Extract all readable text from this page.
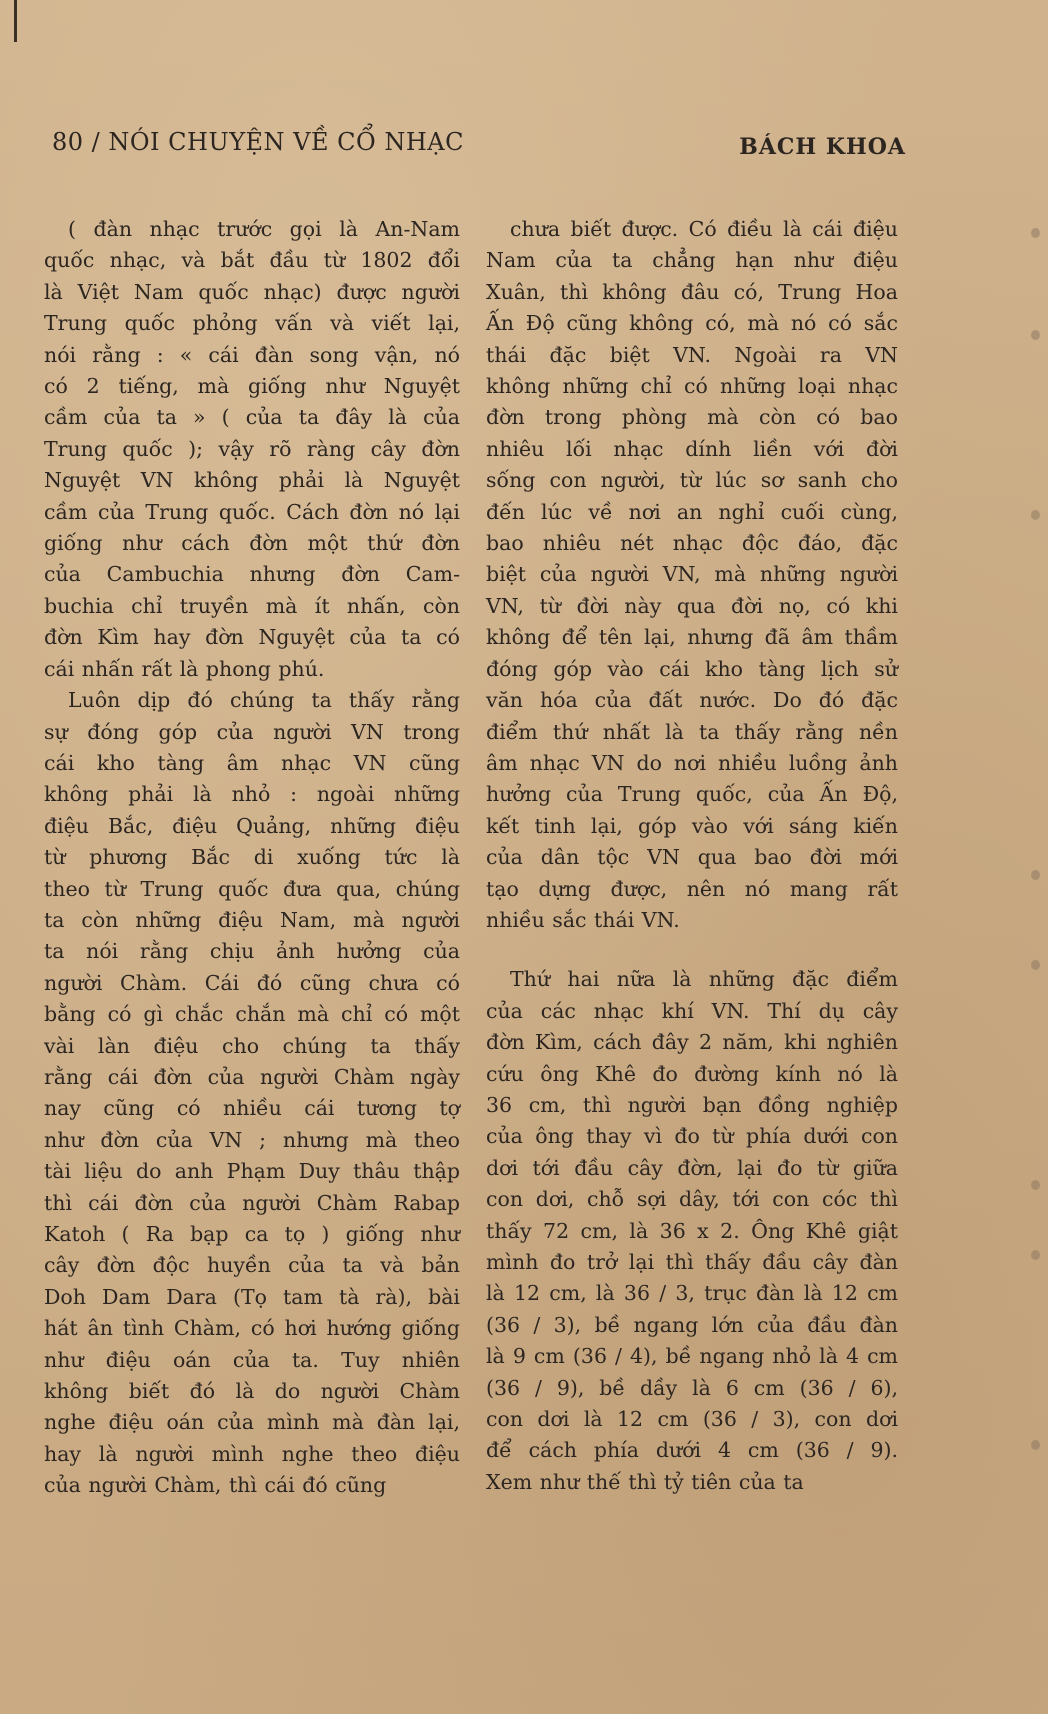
80 / NÓI CHUYỆN VỀ CỔ NHẠC	BÁCH KHOA

( đàn nhạc trước gọi là An-Nam

quốc nhạc, và bắt đầu từ 1802 đổi

là Việt Nam quốc nhạc) được người

Trung quốc phỏng vấn và viết lại,

nói rằng : « cái đàn song vận, nó

có 2 tiếng, mà giống như Nguyệt

cầm của ta » ( của ta đây là của

Trung quốc ); vậy rõ ràng cây đờn

Nguyệt VN không phải là Nguyệt

cầm của Trung quốc. Cách đờn nó lại

giống như cách đờn một thứ đờn

của Cambuchia nhưng đờn Cam-

buchia chỉ truyền mà ít nhấn, còn

đờn Kìm hay đờn Nguyệt của ta có

cái nhấn rất là phong phú.

Luôn dịp đó chúng ta thấy rằng

sự đóng góp của người VN trong

cái kho tàng âm nhạc VN cũng

không phải là nhỏ : ngoài những

điệu Bắc, điệu Quảng, những điệu

từ phương Bắc di xuống tức là

theo từ Trung quốc đưa qua, chúng

ta còn những điệu Nam, mà người

ta nói rằng chịu ảnh hưởng của

người Chàm. Cái đó cũng chưa có

bằng có gì chắc chắn mà chỉ có một

vài làn điệu cho chúng ta thấy

rằng cái đờn của người Chàm ngày

nay cũng có nhiều cái tương tợ

như đờn của VN ; nhưng mà theo

tài liệu do anh Phạm Duy thâu thập

thì cái đờn của người Chàm Rabap

Katoh ( Ra bạp ca tọ ) giống như

cây đờn độc huyền của ta và bản

Doh Dam Dara (Tọ tam tà rà), bài

hát ân tình Chàm, có hơi hướng giống

như điệu oán của ta. Tuy nhiên

không biết đó là do người Chàm

nghe điệu oán của mình mà đàn lại,

hay là người mình nghe theo điệu

của người Chàm, thì cái đó cũng

chưa biết được. Có điều là cái điệu

Nam của ta chẳng hạn như điệu

Xuân, thì không đâu có, Trung Hoa

Ấn Độ cũng không có, mà nó có sắc

thái đặc biệt VN. Ngoài ra VN

không những chỉ có những loại nhạc

đờn trong phòng mà còn có bao

nhiêu lối nhạc dính liền với đời

sống con người, từ lúc sơ sanh cho

đến lúc về nơi an nghỉ cuối cùng,

bao nhiêu nét nhạc độc đáo, đặc

biệt của người VN, mà những người

VN, từ đời này qua đời nọ, có khi

không để tên lại, nhưng đã âm thầm

đóng góp vào cái kho tàng lịch sử

văn hóa của đất nước. Do đó đặc

điểm thứ nhất là ta thấy rằng nền

âm nhạc VN do nơi nhiều luồng ảnh

hưởng của Trung quốc, của Ấn Độ,

kết tinh lại, góp vào với sáng kiến

của dân tộc VN qua bao đời mới

tạo dựng được, nên nó mang rất

nhiều sắc thái VN.

Thứ hai nữa là những đặc điểm

của các nhạc khí VN. Thí dụ cây

đờn Kìm, cách đây 2 năm, khi nghiên

cứu ông Khê đo đường kính nó là

36 cm, thì người bạn đồng nghiệp

của ông thay vì đo từ phía dưới con

dơi tới đầu cây đờn, lại đo từ giữa

con dơi, chỗ sợi dây, tới con cóc thì

thấy 72 cm, là 36 x 2. Ông Khê giật

mình đo trở lại thì thấy đầu cây đàn

là 12 cm, là 36 / 3, trục đàn là 12 cm

(36 / 3), bề ngang lớn của đầu đàn

là 9 cm (36 / 4), bề ngang nhỏ là 4 cm

(36 / 9), bề dầy là 6 cm (36 / 6),

con dơi là 12 cm (36 / 3), con dơi

để cách phía dưới 4 cm (36 / 9).

Xem như thế thì tỷ tiên của ta
